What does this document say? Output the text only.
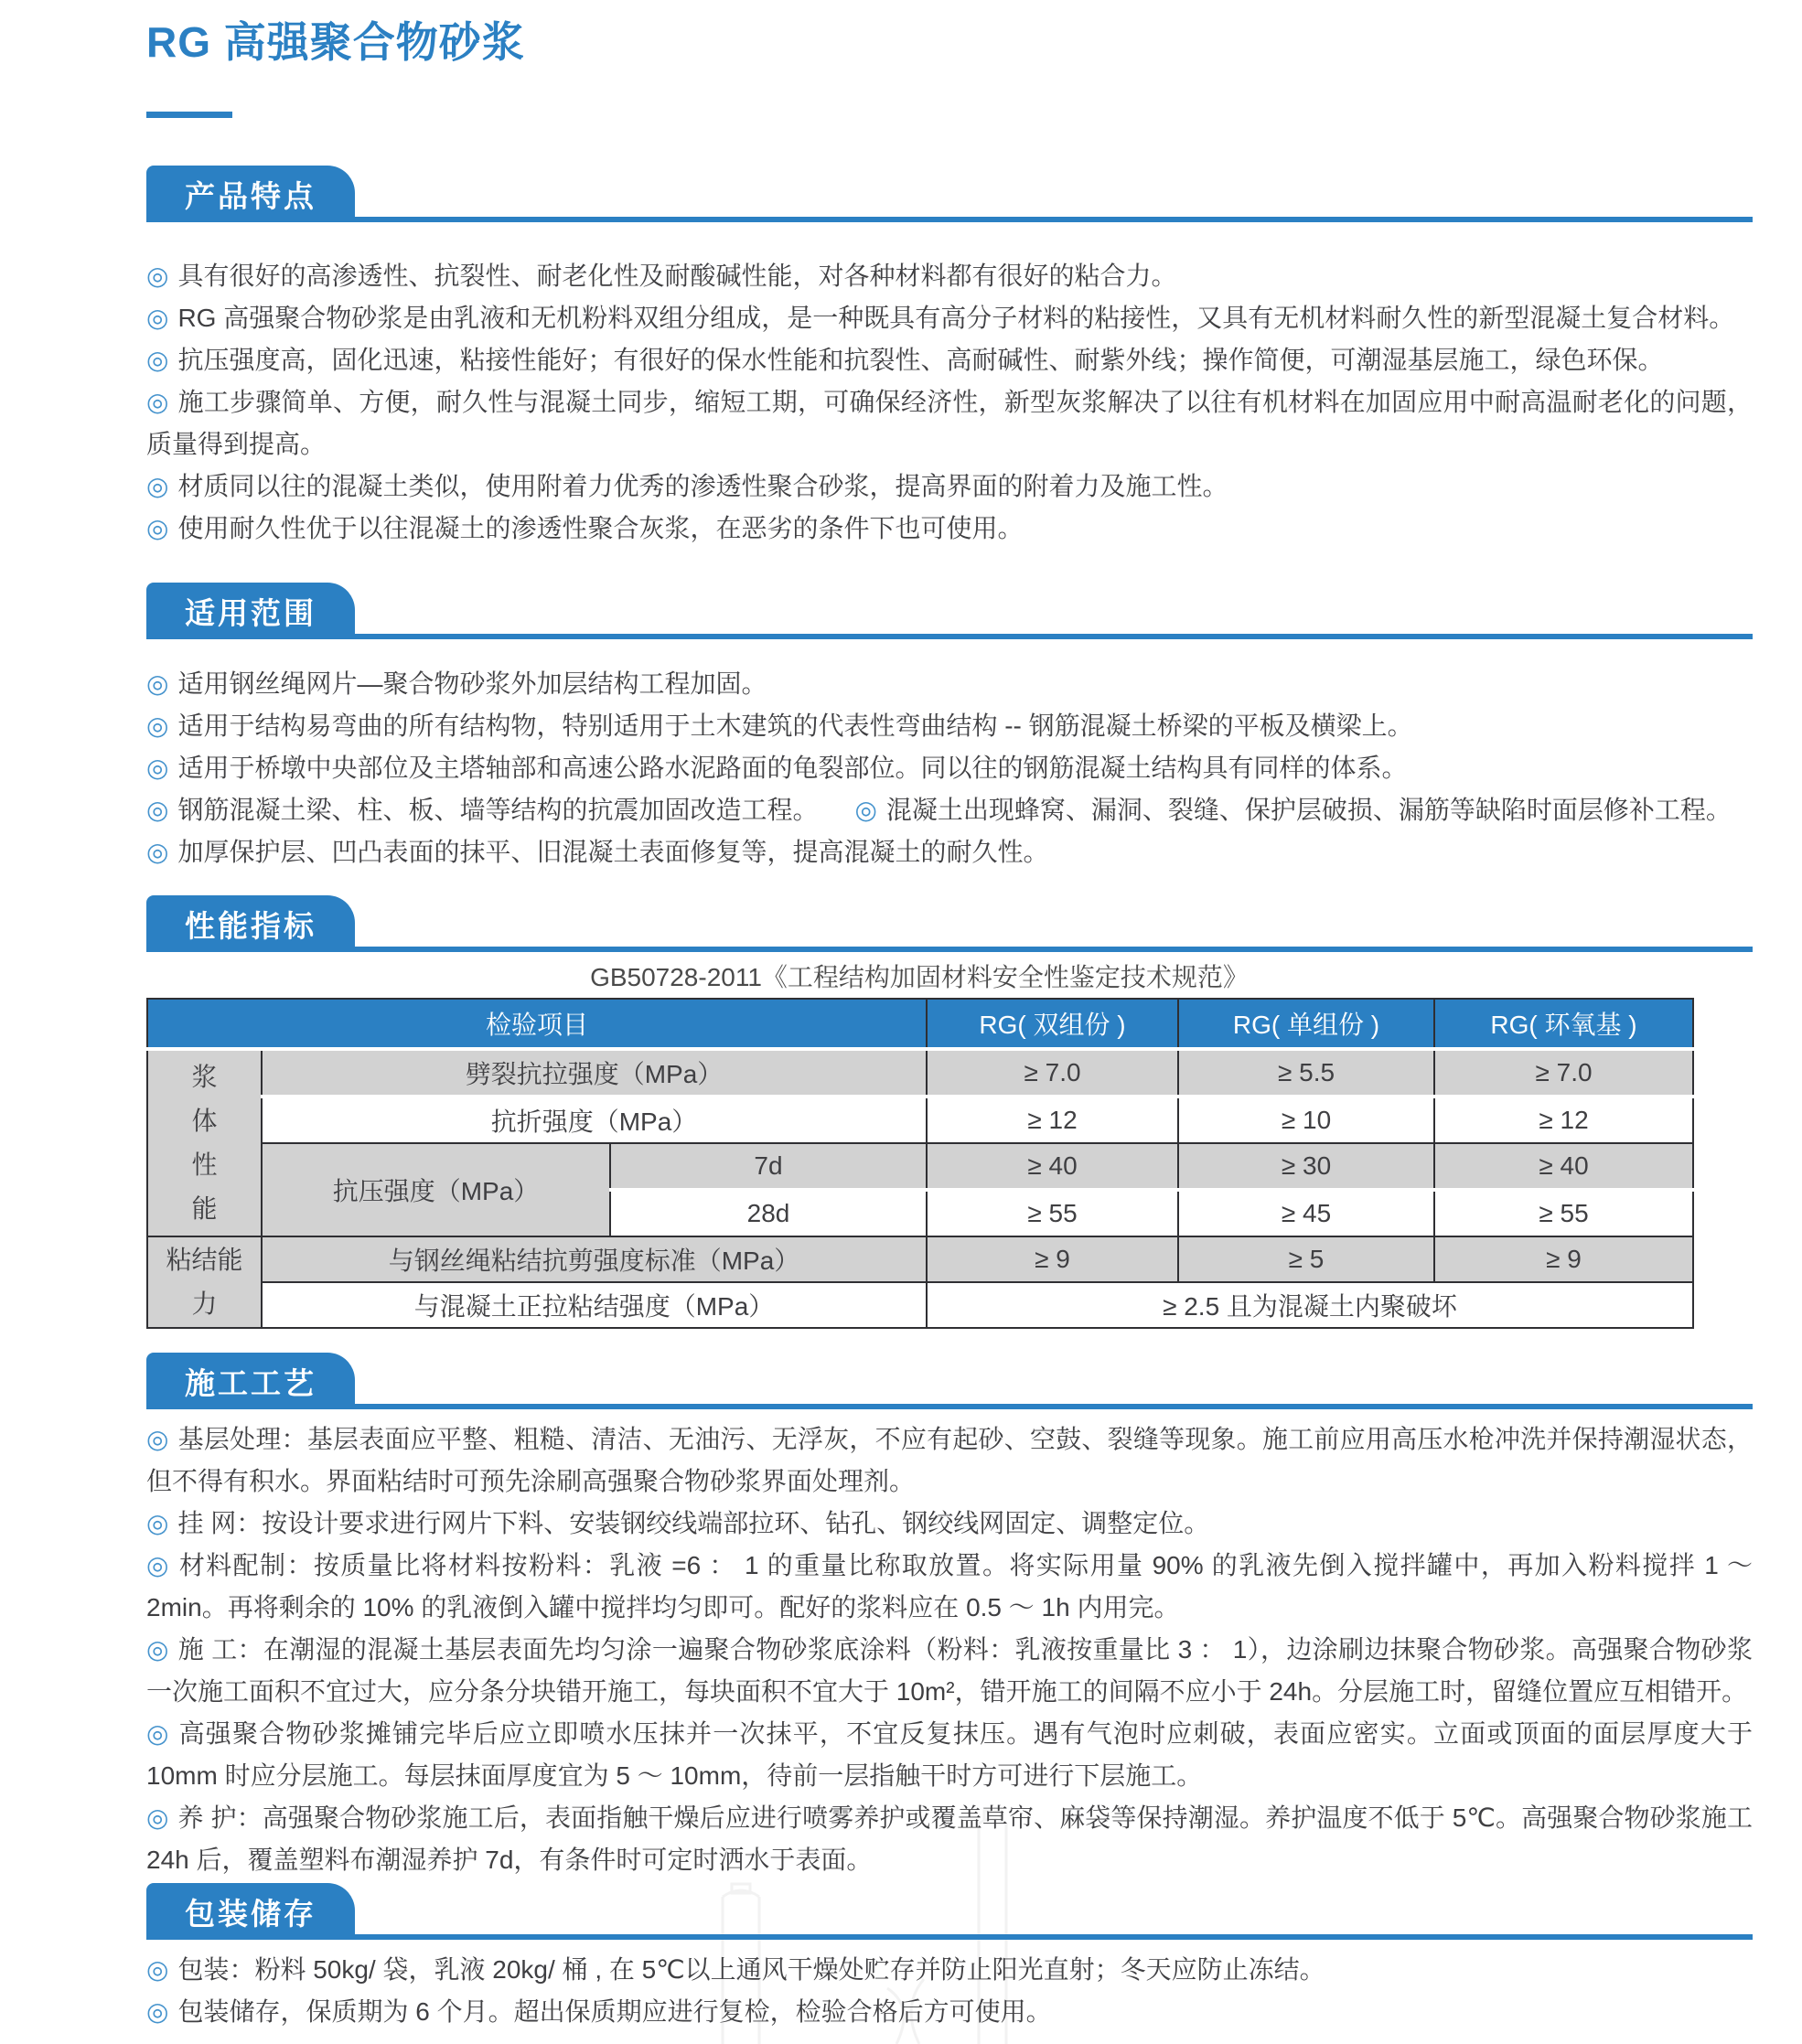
RG 高强聚合物砂浆
产品特点
◎ 具有很好的高渗透性、抗裂性、耐老化性及耐酸碱性能，对各种材料都有很好的粘合力。
◎ RG 高强聚合物砂浆是由乳液和无机粉料双组分组成，是一种既具有高分子材料的粘接性，又具有无机材料耐久性的新型混凝土复合材料。
◎ 抗压强度高，固化迅速，粘接性能好；有很好的保水性能和抗裂性、高耐碱性、耐紫外线；操作简便，可潮湿基层施工，绿色环保。
◎ 施工步骤简单、方便，耐久性与混凝土同步，缩短工期，可确保经济性，新型灰浆解决了以往有机材料在加固应用中耐高温耐老化的问题，质量得到提高。
◎ 材质同以往的混凝土类似，使用附着力优秀的渗透性聚合砂浆，提高界面的附着力及施工性。
◎ 使用耐久性优于以往混凝土的渗透性聚合灰浆，在恶劣的条件下也可使用。
适用范围
◎ 适用钢丝绳网片—聚合物砂浆外加层结构工程加固。
◎ 适用于结构易弯曲的所有结构物，特别适用于土木建筑的代表性弯曲结构 -- 钢筋混凝土桥梁的平板及横梁上。
◎ 适用于桥墩中央部位及主塔轴部和高速公路水泥路面的龟裂部位。同以往的钢筋混凝土结构具有同样的体系。
◎ 钢筋混凝土梁、柱、板、墙等结构的抗震加固改造工程。 ◎ 混凝土出现蜂窝、漏洞、裂缝、保护层破损、漏筋等缺陷时面层修补工程。
◎ 加厚保护层、凹凸表面的抹平、旧混凝土表面修复等，提高混凝土的耐久性。
性能指标
GB50728-2011《工程结构加固材料安全性鉴定技术规范》
检验项目			RG( 双组份 )	RG( 单组份 )	RG( 环氧基 )

浆
体
性
能	劈裂抗拉强度（MPa）		≥ 7.0	≥ 5.5	≥ 7.0
	抗折强度（MPa）		≥ 12	≥ 10	≥ 12
	抗压强度（MPa）	7d	≥ 40	≥ 30	≥ 40
		28d	≥ 55	≥ 45	≥ 55

粘结能
力	与钢丝绳粘结抗剪强度标准（MPa）		≥ 9	≥ 5	≥ 9
	与混凝土正拉粘结强度（MPa）		≥ 2.5 且为混凝土内聚破坏		
施工工艺
◎ 基层处理：基层表面应平整、粗糙、清洁、无油污、无浮灰，不应有起砂、空鼓、裂缝等现象。施工前应用高压水枪冲洗并保持潮湿状态，但不得有积水。界面粘结时可预先涂刷高强聚合物砂浆界面处理剂。
◎ 挂 网：按设计要求进行网片下料、安装钢绞线端部拉环、钻孔、钢绞线网固定、调整定位。
◎ 材料配制：按质量比将材料按粉料：乳液 =6 ： 1 的重量比称取放置。将实际用量 90% 的乳液先倒入搅拌罐中，再加入粉料搅拌 1 ～ 2min。再将剩余的 10% 的乳液倒入罐中搅拌均匀即可。配好的浆料应在 0.5 ～ 1h 内用完。
◎ 施 工：在潮湿的混凝土基层表面先均匀涂一遍聚合物砂浆底涂料（粉料：乳液按重量比 3 ： 1），边涂刷边抹聚合物砂浆。高强聚合物砂浆一次施工面积不宜过大，应分条分块错开施工，每块面积不宜大于 10m²，错开施工的间隔不应小于 24h。分层施工时，留缝位置应互相错开。
◎ 高强聚合物砂浆摊铺完毕后应立即喷水压抹并一次抹平，不宜反复抹压。遇有气泡时应刺破，表面应密实。立面或顶面的面层厚度大于 10mm 时应分层施工。每层抹面厚度宜为 5 ～ 10mm，待前一层指触干时方可进行下层施工。
◎ 养 护：高强聚合物砂浆施工后，表面指触干燥后应进行喷雾养护或覆盖草帘、麻袋等保持潮湿。养护温度不低于 5℃。高强聚合物砂浆施工 24h 后，覆盖塑料布潮湿养护 7d，有条件时可定时洒水于表面。
包装储存
◎ 包装：粉料 50kg/ 袋，乳液 20kg/ 桶 , 在 5℃以上通风干燥处贮存并防止阳光直射；冬天应防止冻结。
◎ 包装储存，保质期为 6 个月。超出保质期应进行复检，检验合格后方可使用。
